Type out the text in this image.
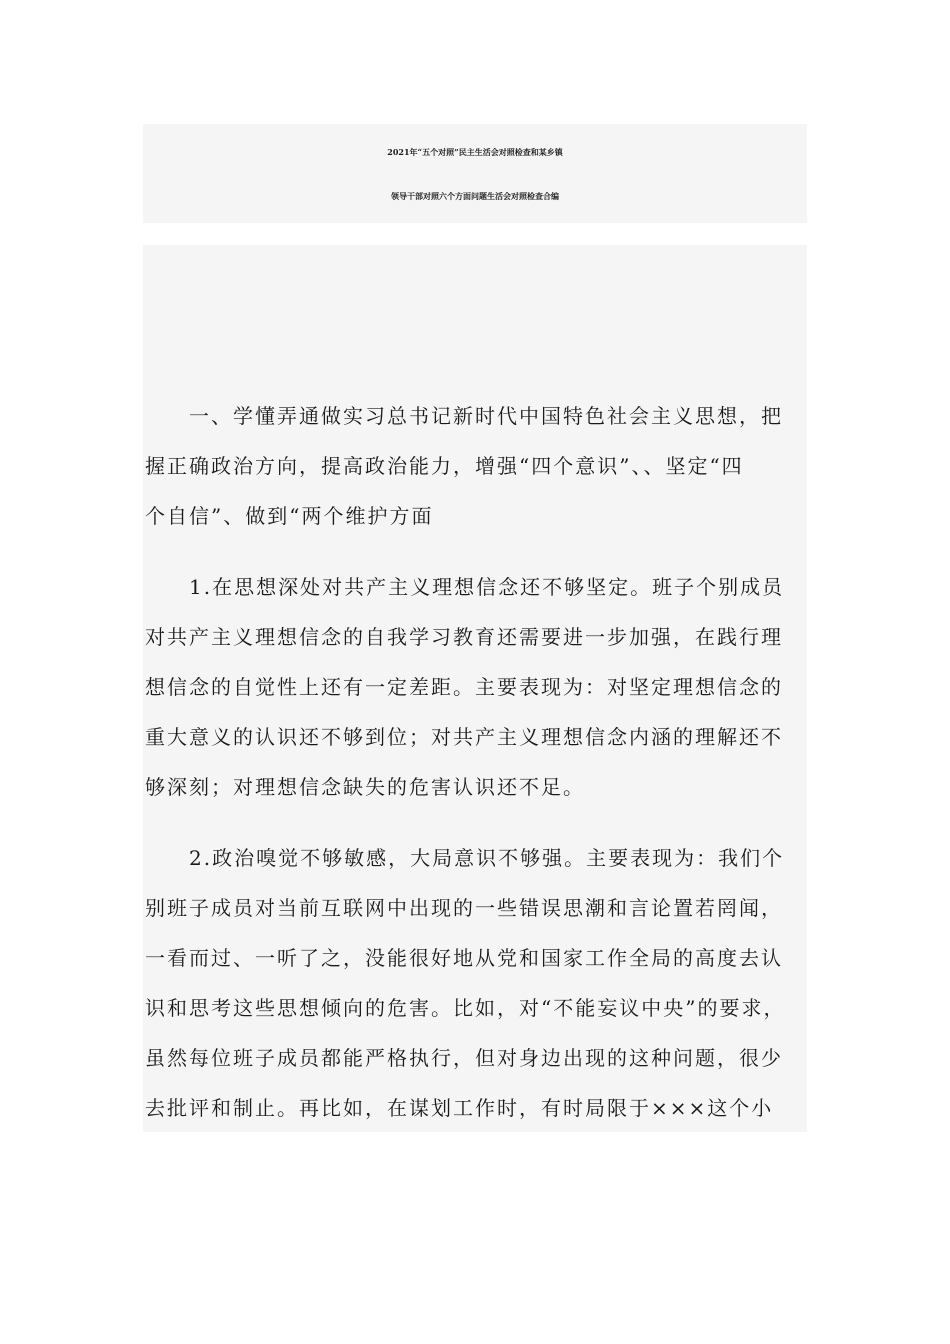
2021年“五个对照”民主生活会对照检查和某乡镇
领导干部对照六个方面问题生活会对照检查合编
　　一、学懂弄通做实习总书记新时代中国特色社会主义思想，把
握正确政治方向，提高政治能力，增强“四个意识”、、坚定“四
个自信”、做到“两个维护方面
　　1.在思想深处对共产主义理想信念还不够坚定。班子个别成员
对共产主义理想信念的自我学习教育还需要进一步加强，在践行理
想信念的自觉性上还有一定差距。主要表现为：对坚定理想信念的
重大意义的认识还不够到位；对共产主义理想信念内涵的理解还不
够深刻；对理想信念缺失的危害认识还不足。
　　2.政治嗅觉不够敏感，大局意识不够强。主要表现为：我们个
别班子成员对当前互联网中出现的一些错误思潮和言论置若罔闻，
一看而过、一听了之，没能很好地从党和国家工作全局的高度去认
识和思考这些思想倾向的危害。比如，对“不能妄议中央”的要求，
虽然每位班子成员都能严格执行，但对身边出现的这种问题，很少
去批评和制止。再比如，在谋划工作时，有时局限于×××这个小
